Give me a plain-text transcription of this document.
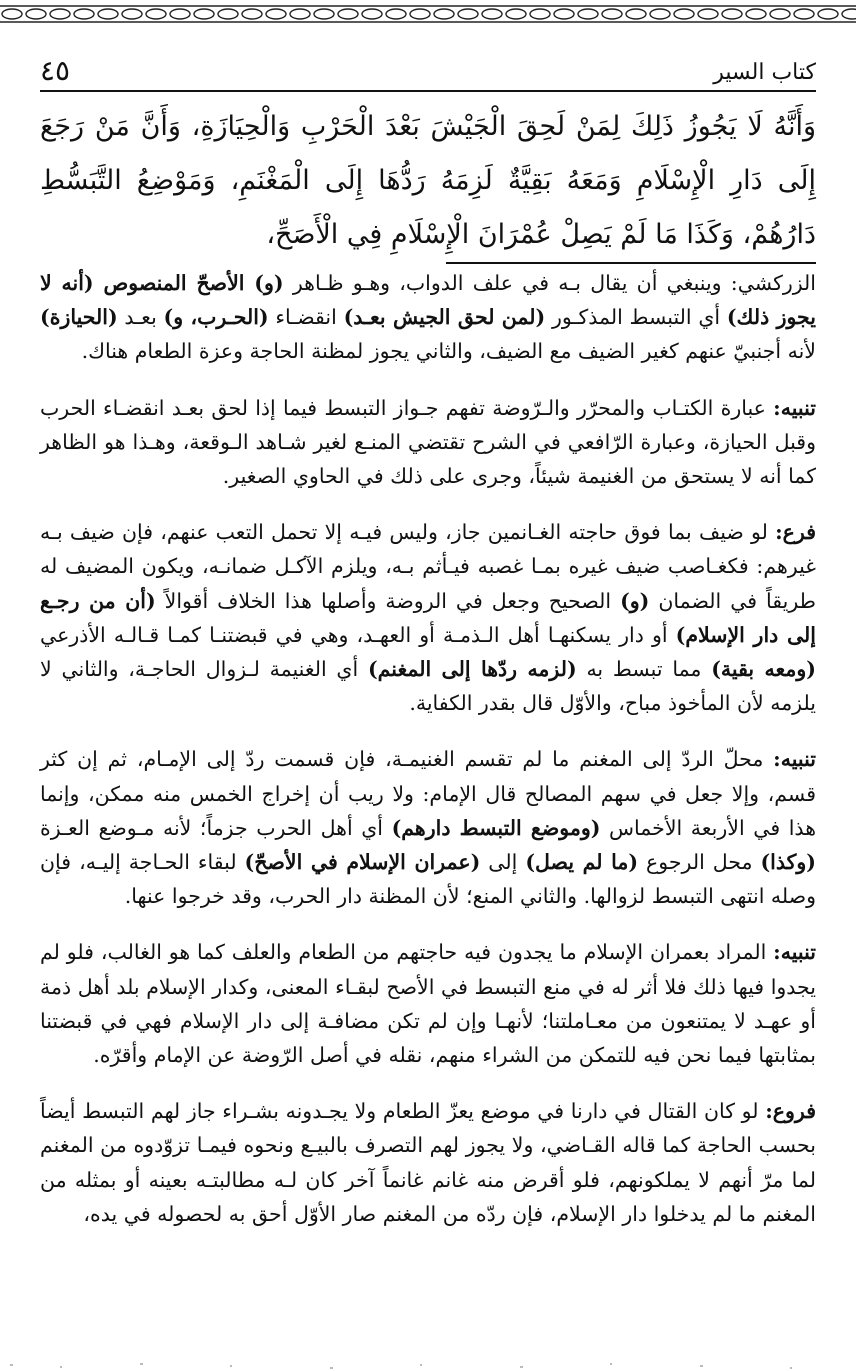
كتاب السير
٤٥
وَأَنَّهُ لَا يَجُوزُ ذَلِكَ لِمَنْ لَحِقَ الْجَيْشَ بَعْدَ الْحَرْبِ وَالْحِيَازَةِ، وَأَنَّ مَنْ رَجَعَ إِلَى دَارِ الْإِسْلَامِ وَمَعَهُ بَقِيَّةٌ لَزِمَهُ رَدُّهَا إِلَى الْمَغْنَمِ، وَمَوْضِعُ التَّبَسُّطِ دَارُهُمْ، وَكَذَا مَا لَمْ يَصِلْ عُمْرَانَ الْإِسْلَامِ فِي الْأَصَحِّ،

الزركشي: وينبغي أن يقال بـه في علف الدواب، وهـو ظـاهر (و) الأصحّ المنصوص (أنه لا يجوز ذلك) أي التبسط المذكـور (لمن لحق الجيش بعـد) انقضـاء (الحـرب، و) بعـد (الحيازة) لأنه أجنبيّ عنهم كغير الضيف مع الضيف، والثاني يجوز لمظنة الحاجة وعزة الطعام هناك.

تنبيه: عبارة الكتـاب والمحرّر والـرّوضة تفهم جـواز التبسط فيما إذا لحق بعـد انقضـاء الحرب وقبل الحيازة، وعبارة الرّافعي في الشرح تقتضي المنـع لغير شـاهد الـوقعة، وهـذا هو الظاهر كما أنه لا يستحق من الغنيمة شيئاً، وجرى على ذلك في الحاوي الصغير.

فرع: لو ضيف بما فوق حاجته الغـانمين جاز، وليس فيـه إلا تحمل التعب عنهم، فإن ضيف بـه غيرهم: فكغـاصب ضيف غيره بمـا غصبه فيـأثم بـه، ويلزم الآكـل ضمانـه، ويكون المضيف له طريقاً في الضمان (و) الصحيح وجعل في الروضة وأصلها هذا الخلاف أقوالاً (أن من رجـع إلى دار الإسلام) أو دار يسكنهـا أهل الـذمـة أو العهـد، وهي في قبضتنـا كمـا قـالـه الأذرعي (ومعه بقية) مما تبسط به (لزمه ردّها إلى المغنم) أي الغنيمة لـزوال الحاجـة، والثاني لا يلزمه لأن المأخوذ مباح، والأوّل قال بقدر الكفاية.

تنبيه: محلّ الردّ إلى المغنم ما لم تقسم الغنيمـة، فإن قسمت ردّ إلى الإمـام، ثم إن كثر قسم، وإلا جعل في سهم المصالح قال الإمام: ولا ريب أن إخراج الخمس منه ممكن، وإنما هذا في الأربعة الأخماس (وموضع التبسط دارهم) أي أهل الحرب جزماً؛ لأنه مـوضع العـزة (وكذا) محل الرجوع (ما لم يصل) إلى (عمران الإسلام في الأصحّ) لبقاء الحـاجة إليـه، فإن وصله انتهى التبسط لزوالها. والثاني المنع؛ لأن المظنة دار الحرب، وقد خرجوا عنها.

تنبيه: المراد بعمران الإسلام ما يجدون فيه حاجتهم من الطعام والعلف كما هو الغالب، فلو لم يجدوا فيها ذلك فلا أثر له في منع التبسط في الأصح لبقـاء المعنى، وكدار الإسلام بلد أهل ذمة أو عهـد لا يمتنعون من معـاملتنا؛ لأنهـا وإن لم تكن مضافـة إلى دار الإسلام فهي في قبضتنا بمثابتها فيما نحن فيه للتمكن من الشراء منهم، نقله في أصل الرّوضة عن الإمام وأقرّه.

فروع: لو كان القتال في دارنا في موضع يعزّ الطعام ولا يجـدونه بشـراء جاز لهم التبسط أيضاً بحسب الحاجة كما قاله القـاضي، ولا يجوز لهم التصرف بالبيـع ونحوه فيمـا تزوّدوه من المغنم لما مرّ أنهم لا يملكونهم، فلو أقرض منه غانم غانماً آخر كان لـه مطالبتـه بعينه أو بمثله من المغنم ما لم يدخلوا دار الإسلام، فإن ردّه من المغنم صار الأوّل أحق به لحصوله في يده،
